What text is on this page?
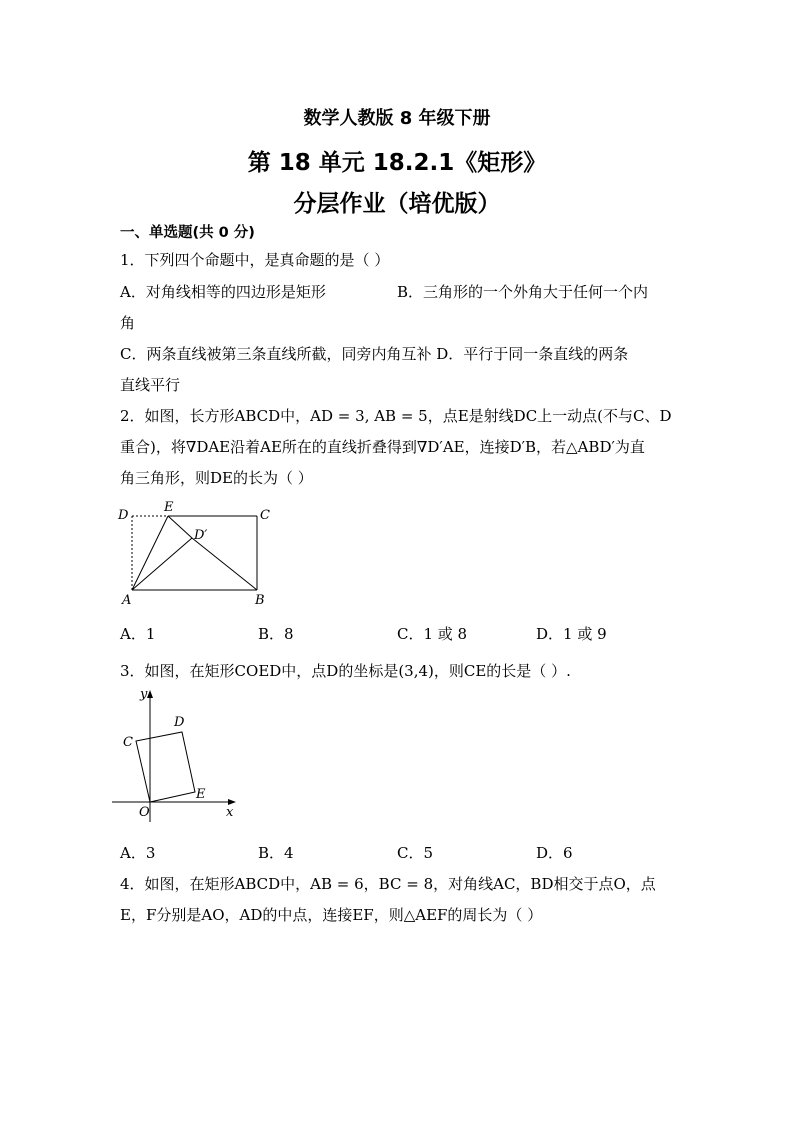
数学人教版 8 年级下册
第 18 单元 18.2.1《矩形》
分层作业（培优版）
一、单选题(共 0 分)
1．下列四个命题中，是真命题的是（ ）
A．对角线相等的四边形是矩形	B．三角形的一个外角大于任何一个内
角
C．两条直线被第三条直线所截，同旁内角互补 D．平行于同一条直线的两条
直线平行
2．如图，长方形ABCD中，AD = 3, AB = 5，点E是射线DC上一动点(不与C、D
重合)，将∇DAE沿着AE所在的直线折叠得到∇D′AE，连接D′B，若△ABD′为直
角三角形，则DE的长为（ ）
D
E
D′
C
A	B
A．1	B．8	C．1 或 8	D．1 或 9
3．如图，在矩形COED中，点D的坐标是(3,4)，则CE的长是（ ）.
y
x
O
C
D
E
A．3	B．4	C．5	D．6
4．如图，在矩形ABCD中，AB = 6，BC = 8，对角线AC，BD相交于点O，点
E，F分别是AO，AD的中点，连接EF，则△AEF的周长为（ ）
